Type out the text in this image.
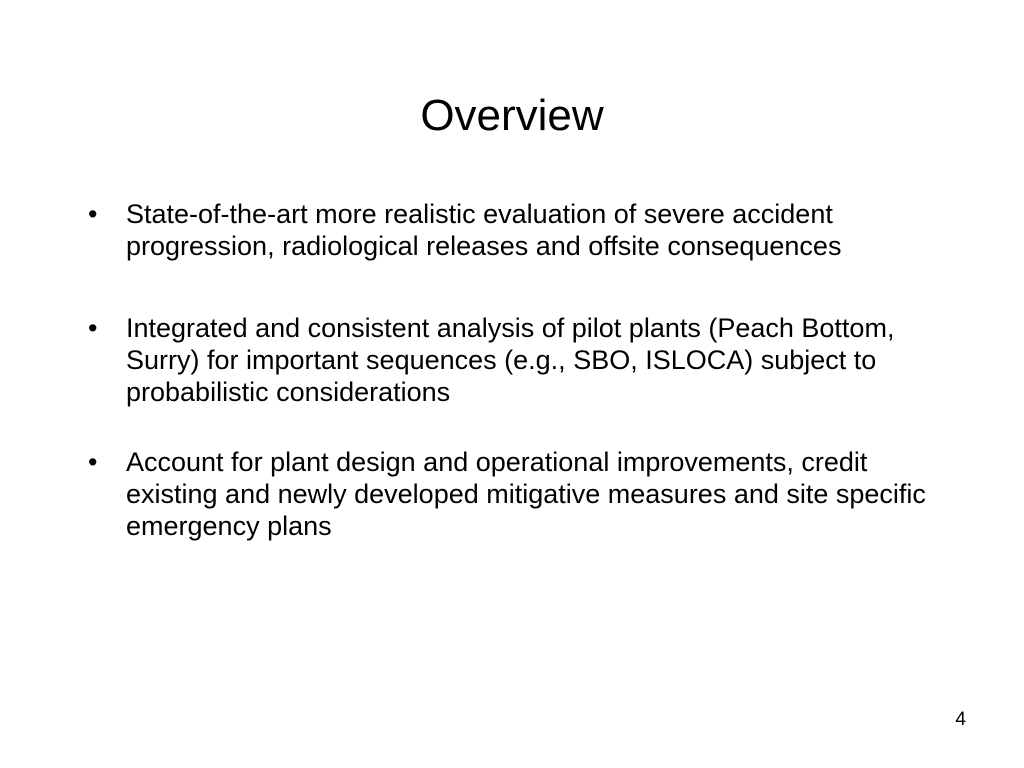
Overview
•	State-of-the-art more realistic evaluation of severe accident progression, radiological releases and offsite consequences
•	Integrated and consistent analysis of pilot plants (Peach Bottom, Surry) for important sequences (e.g., SBO, ISLOCA) subject to probabilistic considerations
•	Account for plant design and operational improvements, credit existing and newly developed mitigative measures and site specific emergency plans
4
